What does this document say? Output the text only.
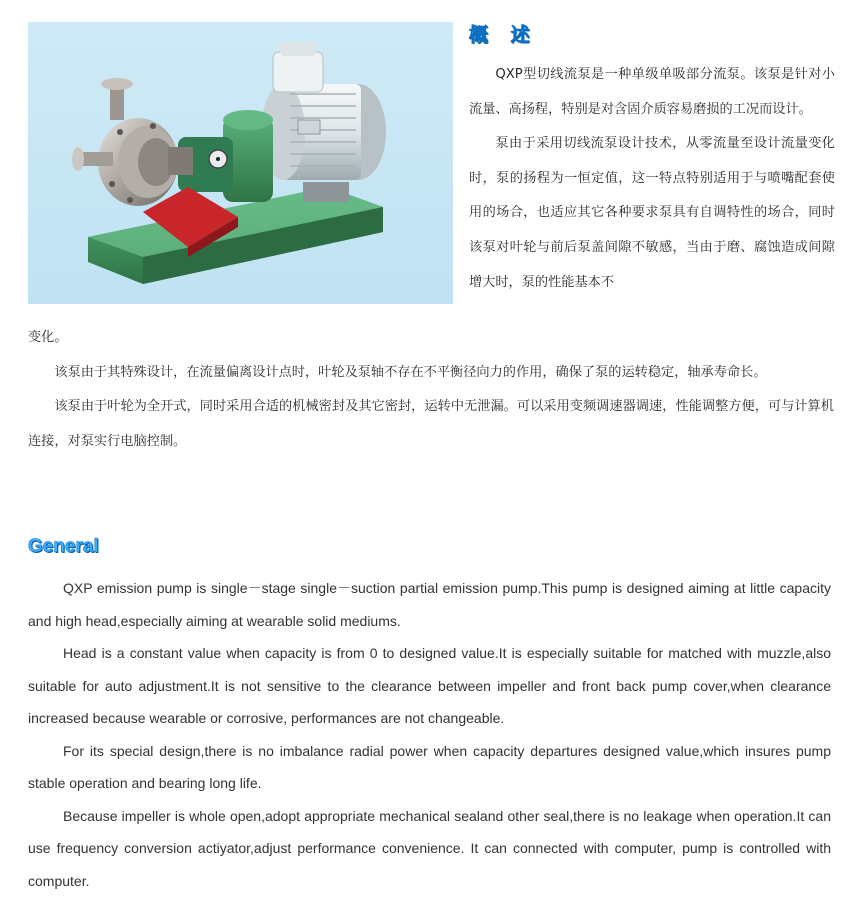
概 述

QXP型切线流泵是一种单级单吸部分流泵。该泵是针对小流量、高扬程，特别是对含固介质容易磨损的工况而设计。

泵由于采用切线流泵设计技术，从零流量至设计流量变化时，泵的扬程为一恒定值，这一特点特别适用于与喷嘴配套使用的场合，也适应其它各种要求泵具有自调特性的场合，同时该泵对叶轮与前后泵盖间隙不敏感，当由于磨、腐蚀造成间隙增大时，泵的性能基本不

变化。

该泵由于其特殊设计，在流量偏离设计点时，叶轮及泵轴不存在不平衡径向力的作用，确保了泵的运转稳定，轴承寿命长。

该泵由于叶轮为全开式，同时采用合适的机械密封及其它密封，运转中无泄漏。可以采用变频调速器调速，性能调整方便，可与计算机连接，对泵实行电脑控制。

General

QXP emission pump is single－stage single－suction partial emission pump.This pump is designed aiming at little capacity and high head,especially aiming at wearable solid mediums.

Head is a constant value when capacity is from 0 to designed value.It is especially suitable for matched with muzzle,also suitable for auto adjustment.It is not sensitive to the clearance between impeller and front back pump cover,when clearance increased because wearable or corrosive, performances are not changeable.

For its special design,there is no imbalance radial power when capacity departures designed value,which insures pump stable operation and bearing long life.

Because impeller is whole open,adopt appropriate mechanical sealand other seal,there is no leakage when operation.It can use frequency conversion actiyator,adjust performance convenience. It can connected with computer, pump is controlled with computer.
